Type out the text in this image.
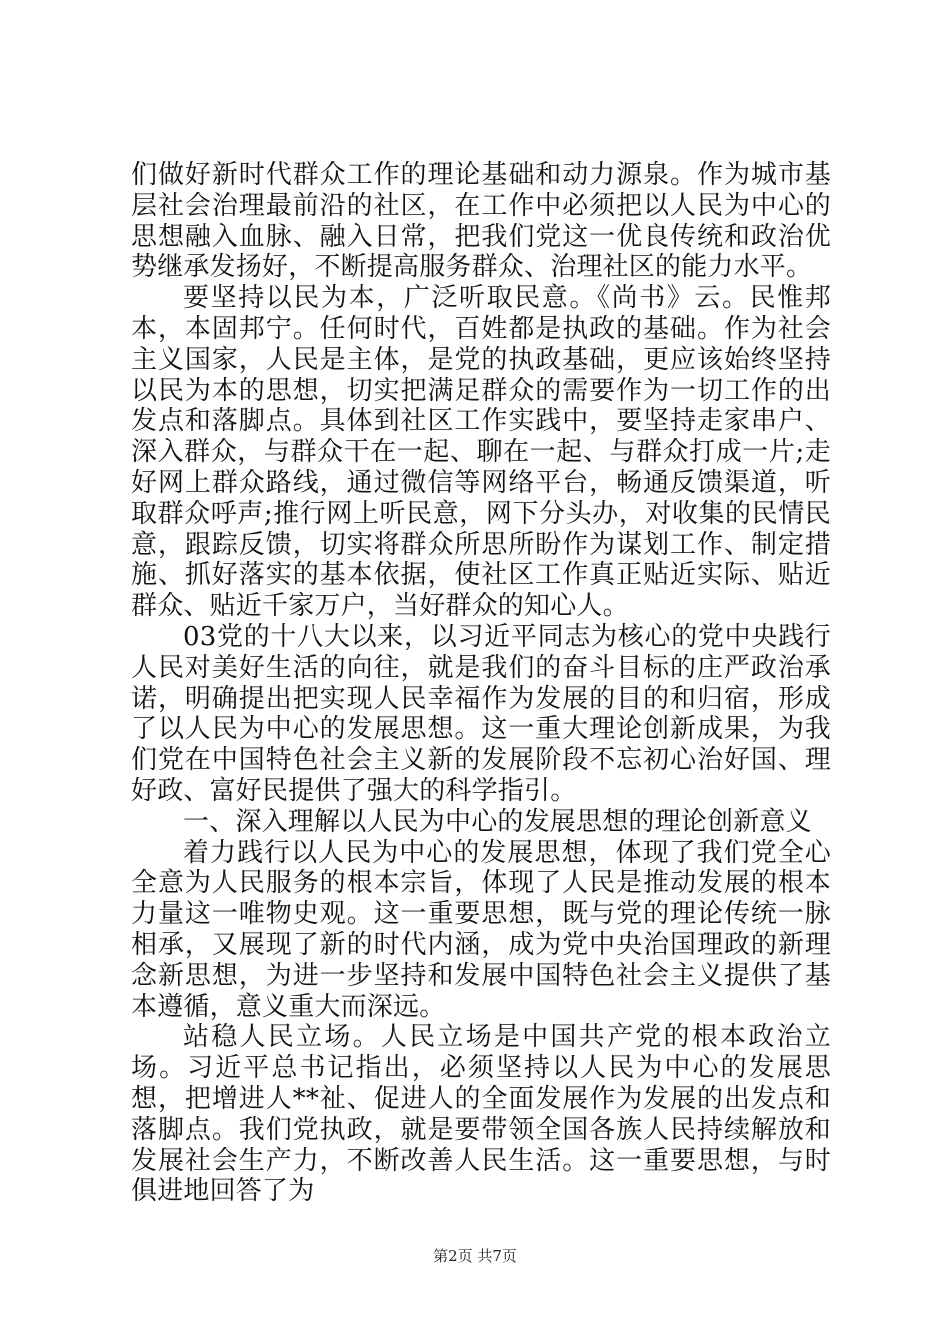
们做好新时代群众工作的理论基础和动力源泉。作为城市基层社会治理最前沿的社区，在工作中必须把以人民为中心的思想融入血脉、融入日常，把我们党这一优良传统和政治优势继承发扬好，不断提高服务群众、治理社区的能力水平。

要坚持以民为本，广泛听取民意。《尚书》云。民惟邦本，本固邦宁。任何时代，百姓都是执政的基础。作为社会主义国家，人民是主体，是党的执政基础，更应该始终坚持以民为本的思想，切实把满足群众的需要作为一切工作的出发点和落脚点。具体到社区工作实践中，要坚持走家串户、深入群众，与群众干在一起、聊在一起、与群众打成一片;走好网上群众路线，通过微信等网络平台，畅通反馈渠道，听取群众呼声;推行网上听民意，网下分头办，对收集的民情民意，跟踪反馈，切实将群众所思所盼作为谋划工作、制定措施、抓好落实的基本依据，使社区工作真正贴近实际、贴近群众、贴近千家万户，当好群众的知心人。

03党的十八大以来，以习近平同志为核心的党中央践行人民对美好生活的向往，就是我们的奋斗目标的庄严政治承诺，明确提出把实现人民幸福作为发展的目的和归宿，形成了以人民为中心的发展思想。这一重大理论创新成果，为我们党在中国特色社会主义新的发展阶段不忘初心治好国、理好政、富好民提供了强大的科学指引。

一、深入理解以人民为中心的发展思想的理论创新意义

着力践行以人民为中心的发展思想，体现了我们党全心全意为人民服务的根本宗旨，体现了人民是推动发展的根本力量这一唯物史观。这一重要思想，既与党的理论传统一脉相承，又展现了新的时代内涵，成为党中央治国理政的新理念新思想，为进一步坚持和发展中国特色社会主义提供了基本遵循，意义重大而深远。

站稳人民立场。人民立场是中国共产党的根本政治立场。习近平总书记指出，必须坚持以人民为中心的发展思想，把增进人**祉、促进人的全面发展作为发展的出发点和落脚点。我们党执政，就是要带领全国各族人民持续解放和发展社会生产力，不断改善人民生活。这一重要思想，与时俱进地回答了为

第2页 共7页
